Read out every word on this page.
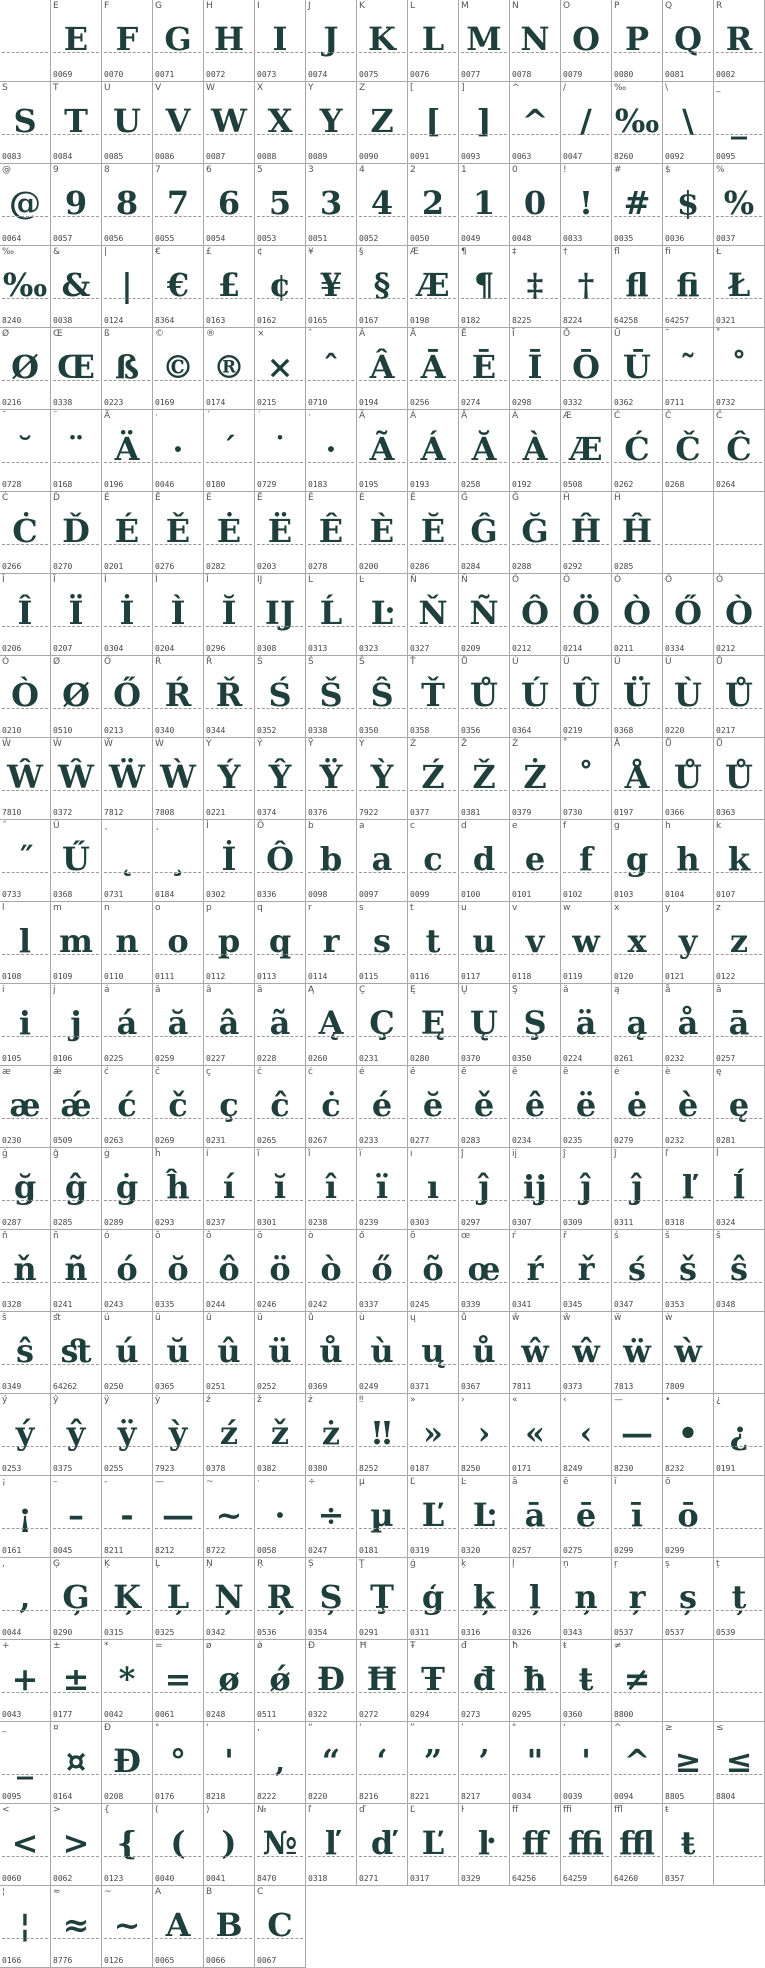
E
E
0069
F
F
0070
G
G
0071
H
H
0072
I
I
0073
J
J
0074
K
K
0075
L
L
0076
M
M
0077
N
N
0078
O
O
0079
P
P
0080
Q
Q
0081
R
R
0082
S
S
0083
T
T
0084
U
U
0085
V
V
0086
W
W
0087
X
X
0088
Y
Y
0089
Z
Z
0090
[
[
0091
]
]
0093
^
^
0063
/
/
0047
‰
‰
8260
\
\
0092
_
_
0095
@
@
0064
9
9
0057
8
8
0056
7
7
0055
6
6
0054
5
5
0053
3
3
0051
4
4
0052
2
2
0050
1
1
0049
0
0
0048
!
!
0033
#
#
0035
$
$
0036
%
%
0037
‰
‰
8240
&
&
0038
|
|
0124
€
€
8364
£
£
0163
¢
¢
0162
¥
¥
0165
§
§
0167
Æ
Æ
0198
¶
¶
0182
‡
‡
8225
†
†
8224
ﬂ
ﬂ
64258
ﬁ
ﬁ
64257
Ł
Ł
0321
Ø
Ø
0216
Œ
Œ
0338
ß
ß
0223
©
©
0169
®
®
0174
×
×
0215
ˆ
ˆ
0710
Â
Â
0194
Ā
Ā
0256
Ē
Ē
0274
Ī
Ī
0298
Ō
Ō
0332
Ū
Ū
0362
˜
˜
0711
˚
˚
0732
˘
˘
0728
¨
¨
0168
Ä
Ä
0196
·
·
0046
´
´
0180
˙
˙
0729
·
·
0183
Ã
Ã
0195
Á
Á
0193
Ă
Ă
0258
À
À
0192
Æ
Æ
0508
Ć
Ć
0262
Č
Č
0268
Ĉ
Ĉ
0264
Ċ
Ċ
0266
Ď
Ď
0270
É
É
0201
Ě
Ě
0276
Ė
Ė
0282
Ë
Ë
0203
Ê
Ê
0278
È
È
0200
Ĕ
Ĕ
0286
Ĝ
Ĝ
0284
Ğ
Ğ
0288
Ĥ
Ĥ
0292
Ĥ
Ĥ
0285
Î
Î
0206
Ï
Ï
0207
İ
İ
0304
Ì
Ì
0204
Ĭ
Ĭ
0296
Ĳ
Ĳ
0308
Ĺ
Ĺ
0313
Ŀ
Ŀ
0323
Ň
Ň
0327
Ñ
Ñ
0209
Ô
Ô
0212
Ö
Ö
0214
Ò
Ò
0211
Ő
Ő
0334
Ò
Ò
0212
Ò
Ò
0210
Ø
Ø
0510
Ő
Ő
0213
Ŕ
Ŕ
0340
Ř
Ř
0344
Ś
Ś
0352
Š
Š
0338
Ŝ
Ŝ
0350
Ť
Ť
0358
Ů
Ů
0356
Ú
Ú
0364
Û
Û
0219
Ü
Ü
0368
Ù
Ù
0220
Ů
Ů
0217
Ŵ
Ŵ
7810
Ŵ
Ŵ
0372
Ẅ
Ẅ
7812
Ẁ
Ẁ
7808
Ý
Ý
0221
Ŷ
Ŷ
0374
Ÿ
Ÿ
0376
Ỳ
Ỳ
7922
Ź
Ź
0377
Ž
Ž
0381
Ż
Ż
0379
˚
˚
0730
Å
Å
0197
Ů
Ů
0366
Ů
Ů
0363
˝
˝
0733
Ű
Ű
0368
˛
˛
0731
¸
¸
0184
İ
İ
0302
Ô
Ô
0336
b
b
0098
a
a
0097
c
c
0099
d
d
0100
e
e
0101
f
f
0102
g
g
0103
h
h
0104
k
k
0107
l
l
0108
m
m
0109
n
n
0110
o
o
0111
p
p
0112
q
q
0113
r
r
0114
s
s
0115
t
t
0116
u
u
0117
v
v
0118
w
w
0119
x
x
0120
y
y
0121
z
z
0122
i
i
0105
j
j
0106
á
á
0225
ă
ă
0259
â
â
0227
ã
ã
0228
Ą
Ą
0260
Ç
Ç
0231
Ę
Ę
0280
Ų
Ų
0370
Ş
Ş
0350
ä
ä
0224
ą
ą
0261
å
å
0232
ā
ā
0257
æ
æ
0230
ǽ
ǽ
0509
ć
ć
0263
č
č
0269
ç
ç
0231
ĉ
ĉ
0265
ċ
ċ
0267
é
é
0233
ĕ
ĕ
0277
ě
ě
0283
ê
ê
0234
ë
ë
0235
ė
ė
0279
è
è
0232
ę
ę
0281
ğ
ğ
0287
ĝ
ĝ
0285
ġ
ġ
0289
ĥ
ĥ
0293
í
í
0237
ĭ
ĭ
0301
î
î
0238
ï
ï
0239
ı
ı
0303
ĵ
ĵ
0297
ĳ
ĳ
0307
ĵ
ĵ
0309
ĵ
ĵ
0311
ľ
ľ
0318
ĺ
ĺ
0324
ň
ň
0328
ñ
ñ
0241
ó
ó
0243
ŏ
ŏ
0335
ô
ô
0244
ö
ö
0246
ò
ò
0242
ő
ő
0337
õ
õ
0245
œ
œ
0339
ŕ
ŕ
0341
ř
ř
0345
ś
ś
0347
š
š
0353
ŝ
ŝ
0348
ŝ
ŝ
0349
ﬆ
ﬆ
64262
ú
ú
0250
ŭ
ŭ
0365
û
û
0251
ü
ü
0252
ů
ů
0369
ù
ù
0249
ų
ų
0371
ů
ů
0367
ŵ
ŵ
7811
ŵ
ŵ
0373
ẅ
ẅ
7813
ẁ
ẁ
7809
ý
ý
0253
ŷ
ŷ
0375
ÿ
ÿ
0255
ỳ
ỳ
7923
ź
ź
0378
ž
ž
0382
ż
ż
0380
‼
‼
8252
»
»
0187
›
›
8250
«
«
0171
‹
‹
8249
—
—
8230
•
•
8232
¿
¿
0191
¡
¡
0161
–
–
0045
-
-
8211
—
—
8212
~
~
8722
·
·
0058
÷
÷
0247
µ
µ
0181
Ľ
Ľ
0319
Ŀ
Ŀ
0320
ā
ā
0257
ē
ē
0275
ī
ī
0299
ō
ō
0299
,
,
0044
Ģ
Ģ
0290
Ķ
Ķ
0315
Ļ
Ļ
0325
Ņ
Ņ
0342
Ŗ
Ŗ
0536
Ș
Ș
0354
Ţ
Ţ
0291
ģ
ģ
0311
ķ
ķ
0316
ļ
ļ
0326
ņ
ņ
0343
ŗ
ŗ
0537
ș
ș
0537
ț
ț
0539
+
+
0043
±
±
0177
*
*
0042
=
=
0061
ø
ø
0248
ǿ
ǿ
0511
Đ
Đ
0322
Ħ
Ħ
0272
Ŧ
Ŧ
0294
đ
đ
0273
ħ
ħ
0295
ŧ
ŧ
0360
≠
≠
8800
_
_
0095
¤
¤
0164
Ð
Ð
0208
°
°
0176
'
'
8218
‚
‚
8222
“
“
8220
‘
‘
8216
”
”
8221
’
’
8217
"
"
0034
'
'
0039
^
^
0094
≥
≥
8805
≤
≤
8804
<
<
0060
>
>
0062
{
{
0123
(
(
0040
)
)
0041
№
№
8470
ľ
ľ
0318
ď
ď
0271
Ľ
Ľ
0317
ŀ
ŀ
0329
ﬀ
ﬀ
64256
ﬃ
ﬃ
64259
ﬄ
ﬄ
64260
ŧ
ŧ
0357
¦
¦
0166
≈
≈
8776
~
~
0126
A
A
0065
B
B
0066
C
C
0067
